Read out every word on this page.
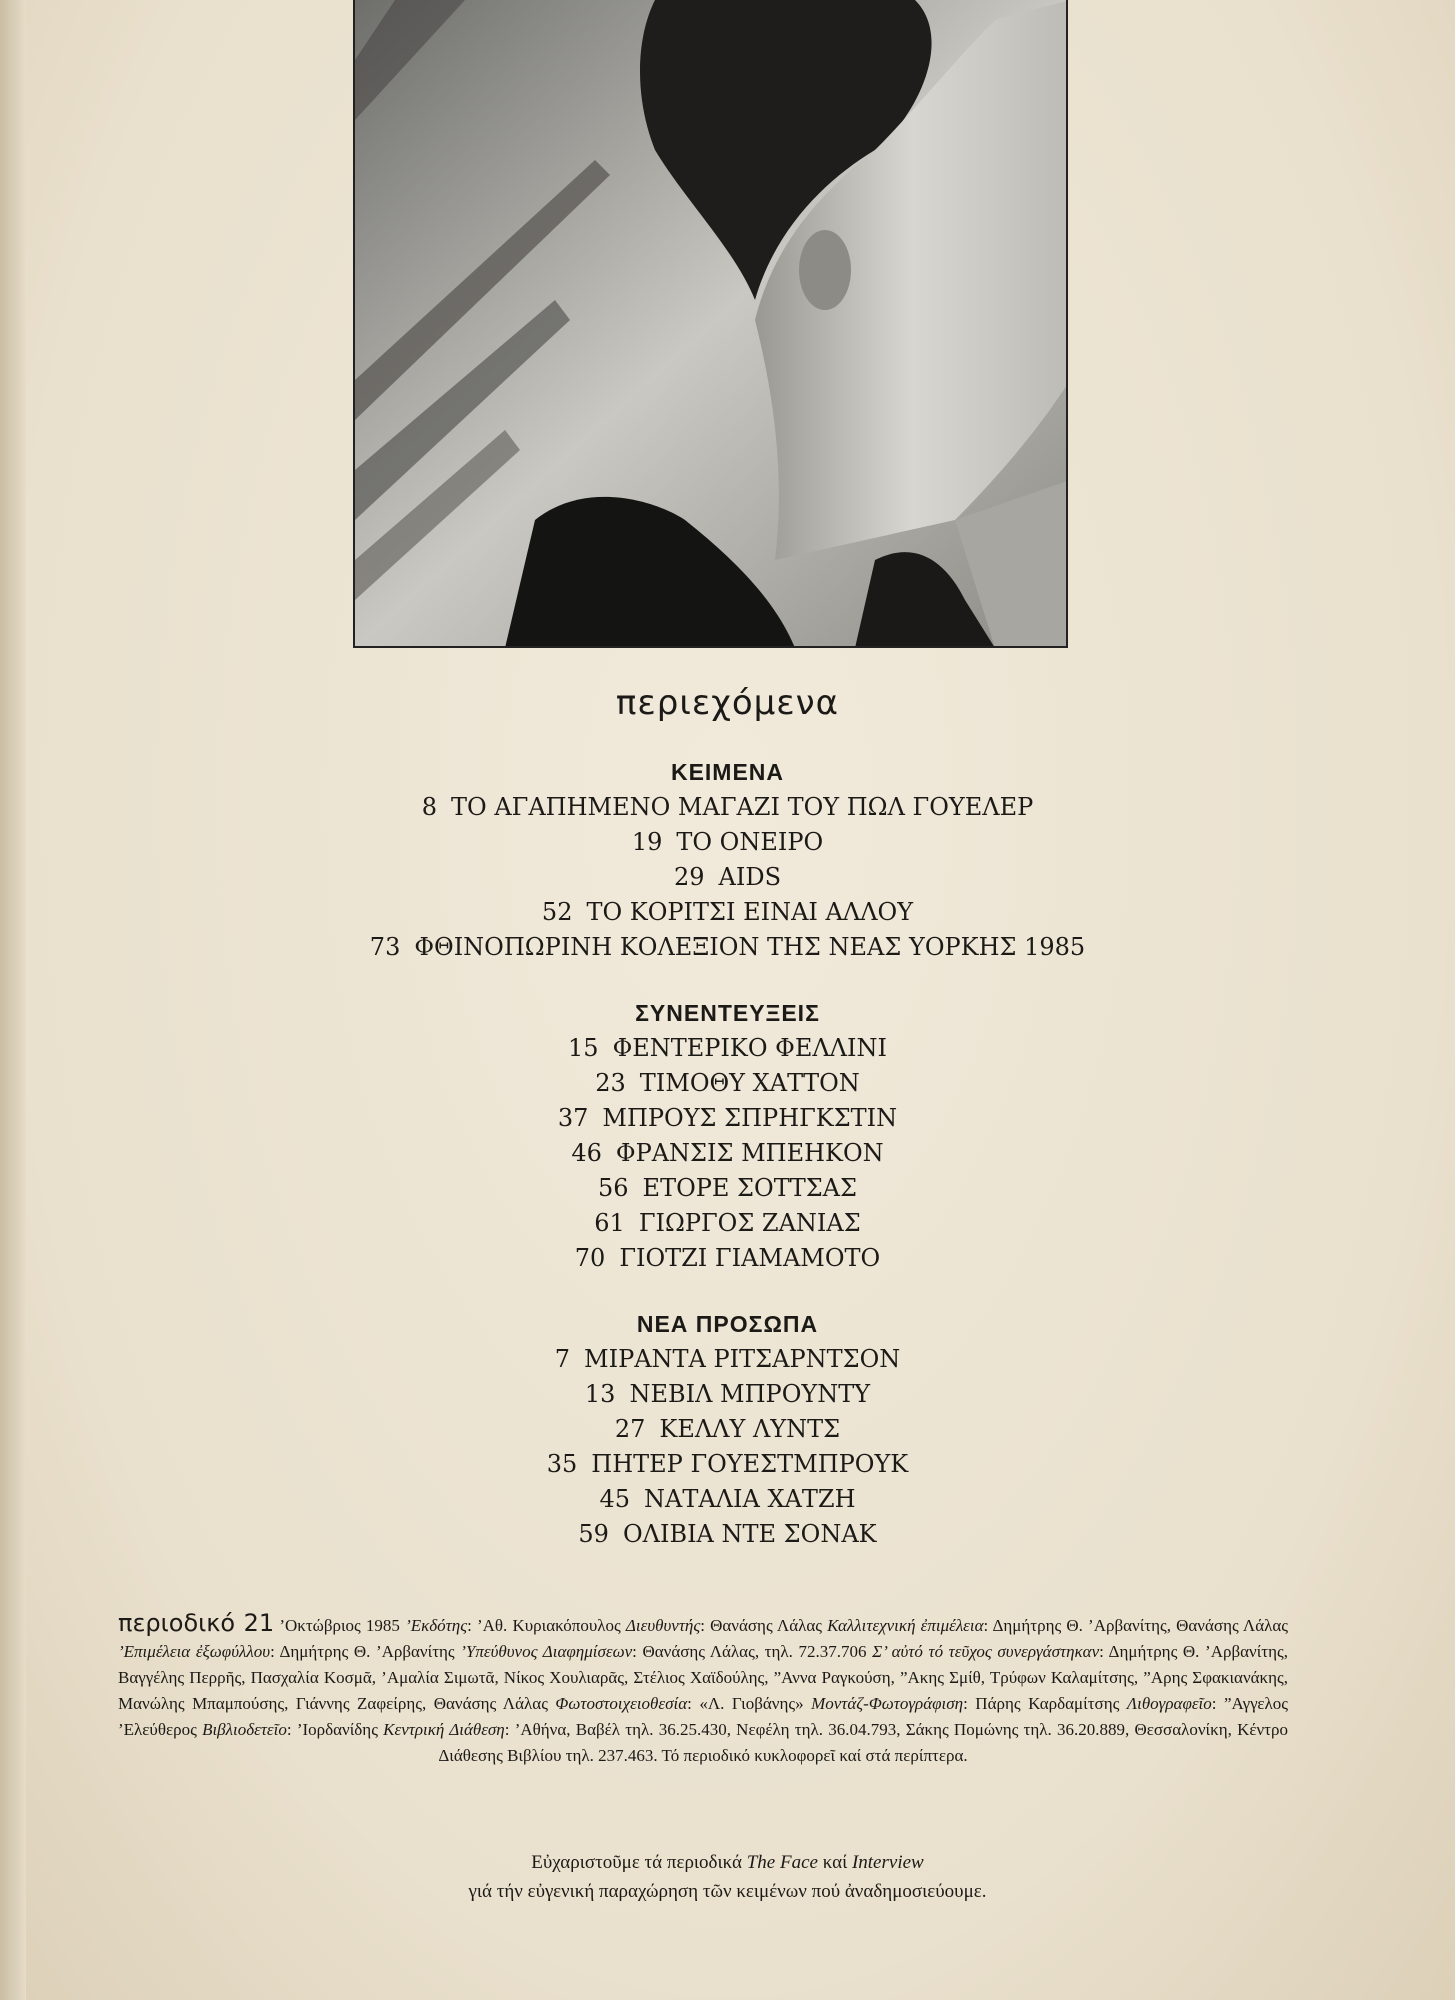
περιεχόμενα
ΚΕΙΜΕΝΑ
8 ΤΟ ΑΓΑΠΗΜΕΝΟ ΜΑΓΑΖΙ ΤΟΥ ΠΩΛ ΓΟΥΕΛΕΡ
19 ΤΟ ΟΝΕΙΡΟ
29 AIDS
52 ΤΟ ΚΟΡΙΤΣΙ ΕΙΝΑΙ ΑΛΛΟΥ
73 ΦΘΙΝΟΠΩΡΙΝΗ ΚΟΛΕΞΙΟΝ ΤΗΣ ΝΕΑΣ ΥΟΡΚΗΣ 1985
ΣΥΝΕΝΤΕΥΞΕΙΣ
15 ΦΕΝΤΕΡΙΚΟ ΦΕΛΛΙΝΙ
23 ΤΙΜΟΘΥ ΧΑΤΤΟΝ
37 ΜΠΡΟΥΣ ΣΠΡΗΓΚΣΤΙΝ
46 ΦΡΑΝΣΙΣ ΜΠΕΗΚΟΝ
56 ΕΤΟΡΕ ΣΟΤΤΣΑΣ
61 ΓΙΩΡΓΟΣ ΖΑΝΙΑΣ
70 ΓΙΟΤΖΙ ΓΙΑΜΑΜΟΤΟ
ΝΕΑ ΠΡΟΣΩΠΑ
7 ΜΙΡΑΝΤΑ ΡΙΤΣΑΡΝΤΣΟΝ
13 ΝΕΒΙΛ ΜΠΡΟΥΝΤΥ
27 ΚΕΛΛΥ ΛΥΝΤΣ
35 ΠΗΤΕΡ ΓΟΥΕΣΤΜΠΡΟΥΚ
45 ΝΑΤΑΛΙΑ ΧΑΤΖΗ
59 ΟΛΙΒΙΑ ΝΤΕ ΣΟΝΑΚ
περιοδικό 21 ’Οκτώβριος 1985 ’Εκδότης: ’Αθ. Κυριακόπουλος Διευθυντής: Θανάσης Λάλας Καλλιτεχνική ἐπιμέλεια: Δημήτρης Θ. ’Αρβανίτης, Θανάσης Λάλας ’Επιμέλεια ἐξωφύλλου: Δημήτρης Θ. ’Αρβανίτης ’Υπεύθυνος Διαφημίσεων: Θανάσης Λάλας, τηλ. 72.37.706 Σ’ αὐτό τό τεῦχος συνεργάστηκαν: Δημήτρης Θ. ’Αρβανίτης, Βαγγέλης Περρῆς, Πασχαλία Κοσμᾶ, ’Αμαλία Σιμωτᾶ, Νίκος Χουλιαρᾶς, Στέλιος Χαϊδούλης, ”Αννα Ραγκούση, ”Ακης Σμίθ, Τρύφων Καλαμίτσης, ”Αρης Σφακιανάκης, Μανώλης Μπαμπούσης, Γιάννης Ζαφείρης, Θανάσης Λάλας Φωτοστοιχειοθεσία: «Λ. Γιοβάνης» Μοντάζ-Φωτογράφιση: Πάρης Καρδαμίτσης Λιθογραφεῖο: ”Αγγελος ’Ελεύθερος Βιβλιοδετεῖο: ’Ιορδανίδης Κεντρική Διάθεση: ’Αθήνα, Βαβέλ τηλ. 36.25.430, Νεφέλη τηλ. 36.04.793, Σάκης Πομώνης τηλ. 36.20.889, Θεσσαλονίκη, Κέντρο Διάθεσης Βιβλίου τηλ. 237.463. Τό περιοδικό κυκλοφορεῖ καί στά περίπτερα.
Εὐχαριστοῦμε τά περιοδικά The Face καί Interview
γιά τήν εὐγενική παραχώρηση τῶν κειμένων πού ἀναδημοσιεύουμε.
